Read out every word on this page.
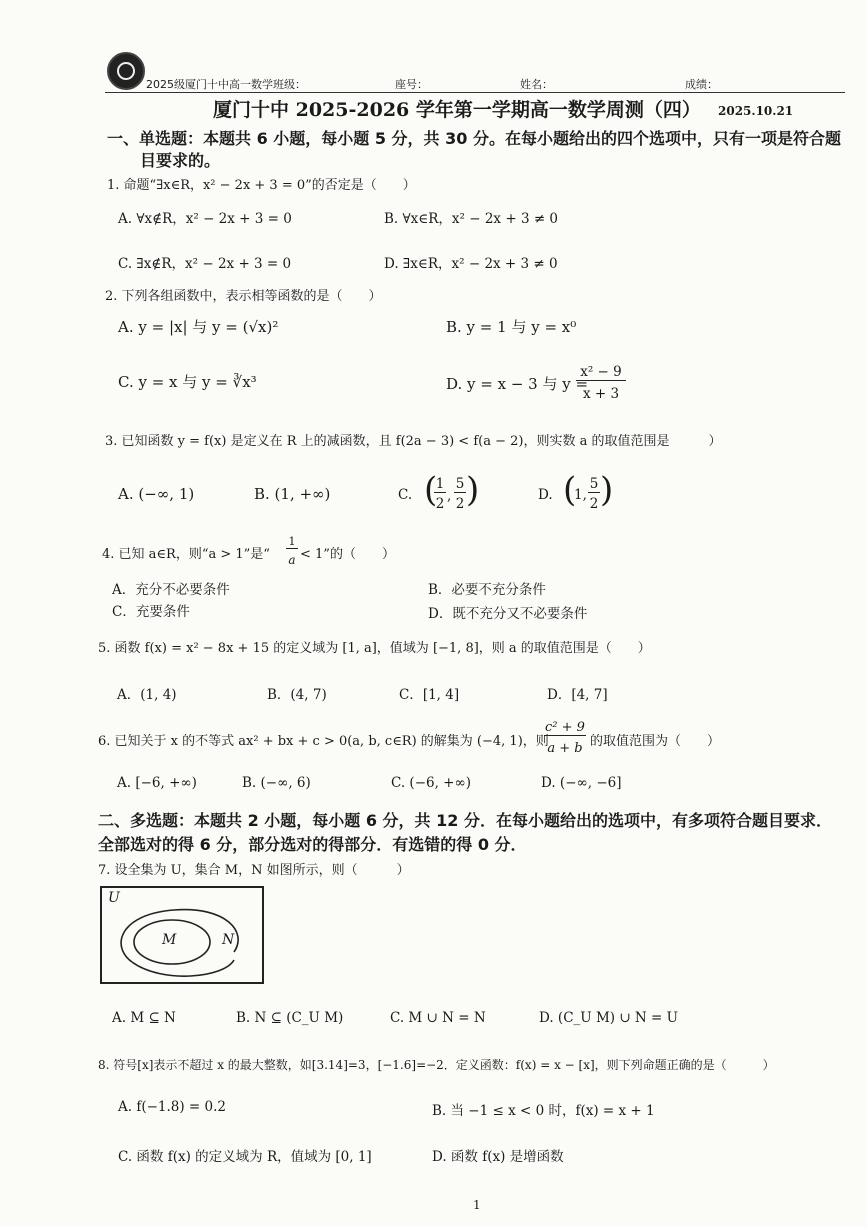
2025级厦门十中高一数学班级：	座号：	姓名：	成绩：
厦门十中 2025-2026 学年第一学期高一数学周测（四） 2025.10.21
一、单选题：本题共 6 小题，每小题 5 分，共 30 分。在每小题给出的四个选项中，只有一项是符合题
目要求的。
1. 命题“∃x∈R，x² − 2x + 3 = 0”的否定是（　　）
A. ∀x∉R，x² − 2x + 3 = 0	B. ∀x∈R，x² − 2x + 3 ≠ 0
C. ∃x∉R，x² − 2x + 3 = 0	D. ∃x∈R，x² − 2x + 3 ≠ 0
2. 下列各组函数中，表示相等函数的是（　　）
A. y = |x| 与 y = (√x)²	B. y = 1 与 y = x⁰
C. y = x 与 y = ∛x³	D. y = x − 3 与 y =
x² − 9
x + 3
3. 已知函数 y = f(x) 是定义在 R 上的减函数，且 f(2a − 3) < f(a − 2)，则实数 a 的取值范围是　　　）
A. (−∞, 1)	B. (1, +∞)	C. (
1
2 ,
5
2 )	D. (
1,
5
2 )
4. 已知 a∈R，则“a > 1”是“
1
a < 1”的（　　）
A．充分不必要条件	B．必要不充分条件
C．充要条件	D．既不充分又不必要条件
5. 函数 f(x) = x² − 8x + 15 的定义域为 [1, a]，值域为 [−1, 8]，则 a 的取值范围是（　　）
A．(1, 4)	B．(4, 7)	C．[1, 4]	D．[4, 7]
6. 已知关于 x 的不等式 ax² + bx + c > 0(a, b, c∈R) 的解集为 (−4, 1)，则
c² + 9
a + b 的取值范围为（　　）
A. [−6, +∞)	B. (−∞, 6)	C. (−6, +∞)	D. (−∞, −6]
二、多选题：本题共 2 小题，每小题 6 分，共 12 分．在每小题给出的选项中，有多项符合题目要求．
全部选对的得 6 分，部分选对的得部分．有选错的得 0 分．
7. 设全集为 U，集合 M，N 如图所示，则（　　　）
U
M	N
A. M ⊆ N	B. N ⊆ (C_U M)	C. M ∪ N = N	D. (C_U M) ∪ N = U
8. 符号[x]表示不超过 x 的最大整数，如[3.14]=3，[−1.6]=−2．定义函数：f(x) = x − [x]，则下列命题正确的是（　　　）
A. f(−1.8) = 0.2	B. 当 −1 ≤ x < 0 时，f(x) = x + 1
C. 函数 f(x) 的定义域为 R，值域为 [0, 1]	D. 函数 f(x) 是增函数
1
